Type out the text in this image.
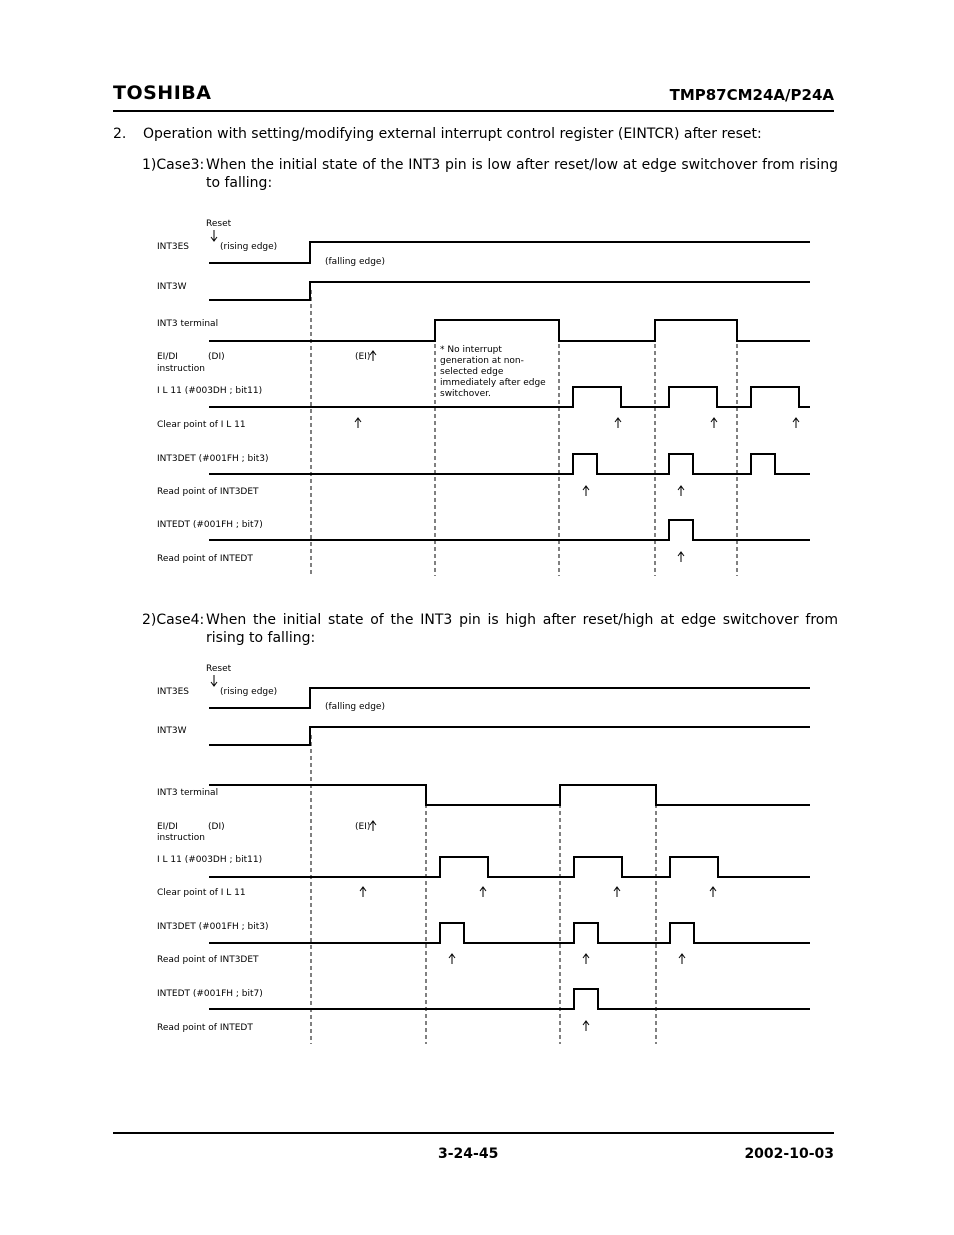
TOSHIBA	TMP87CM24A/P24A
2. Operation with setting/modifying external interrupt control register (EINTCR) after reset:
1)Case3: When the initial state of the INT3 pin is low after reset/low at edge switchover from rising to falling:
Reset
INT3ES	(rising edge)
(falling edge)
INT3W
INT3 terminal
EI/DI
instruction
(DI)	(EI)
I L 11 (#003DH ; bit11)
Clear point of I L 11
INT3DET (#001FH ; bit3)
Read point of INT3DET
INTEDT (#001FH ; bit7)
Read point of INTEDT
* No interrupt
generation at non-
selected edge
immediately after edge
switchover.
2)Case4: When the initial state of the INT3 pin is high after reset/high at edge switchover from rising to falling:
Reset
INT3ES	(rising edge)
(falling edge)
INT3W
INT3 terminal
EI/DI
instruction
(DI)	(EI)
I L 11 (#003DH ; bit11)
Clear point of I L 11
INT3DET (#001FH ; bit3)
Read point of INT3DET
INTEDT (#001FH ; bit7)
Read point of INTEDT
3-24-45	2002-10-03
